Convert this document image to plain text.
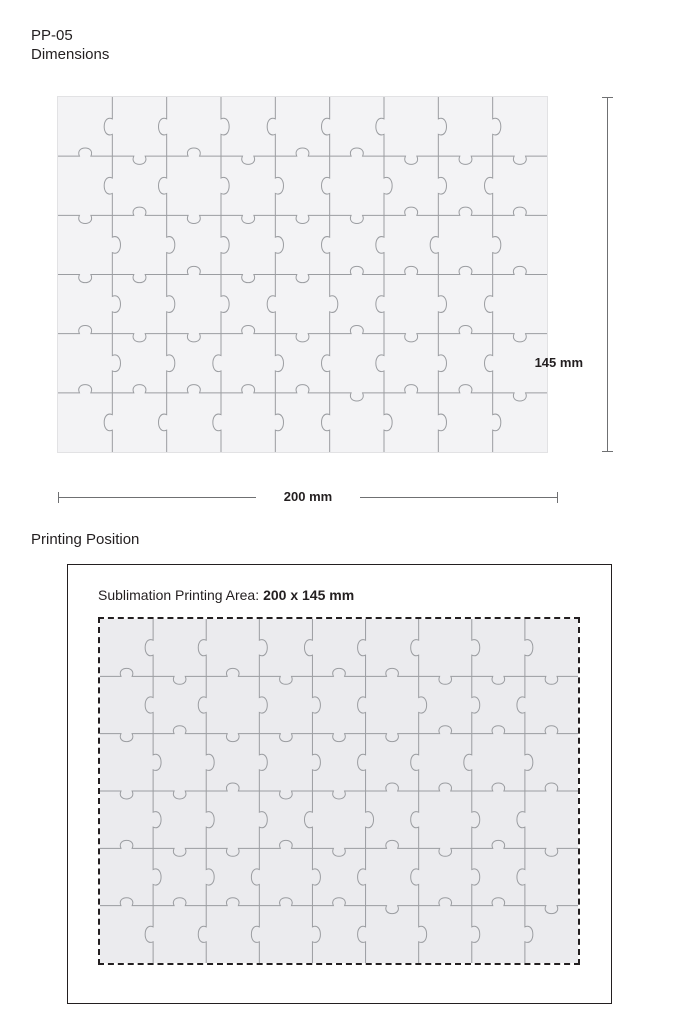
PP-05
Dimensions
145 mm
200 mm
Printing Position
Sublimation Printing Area: 200 x 145 mm
